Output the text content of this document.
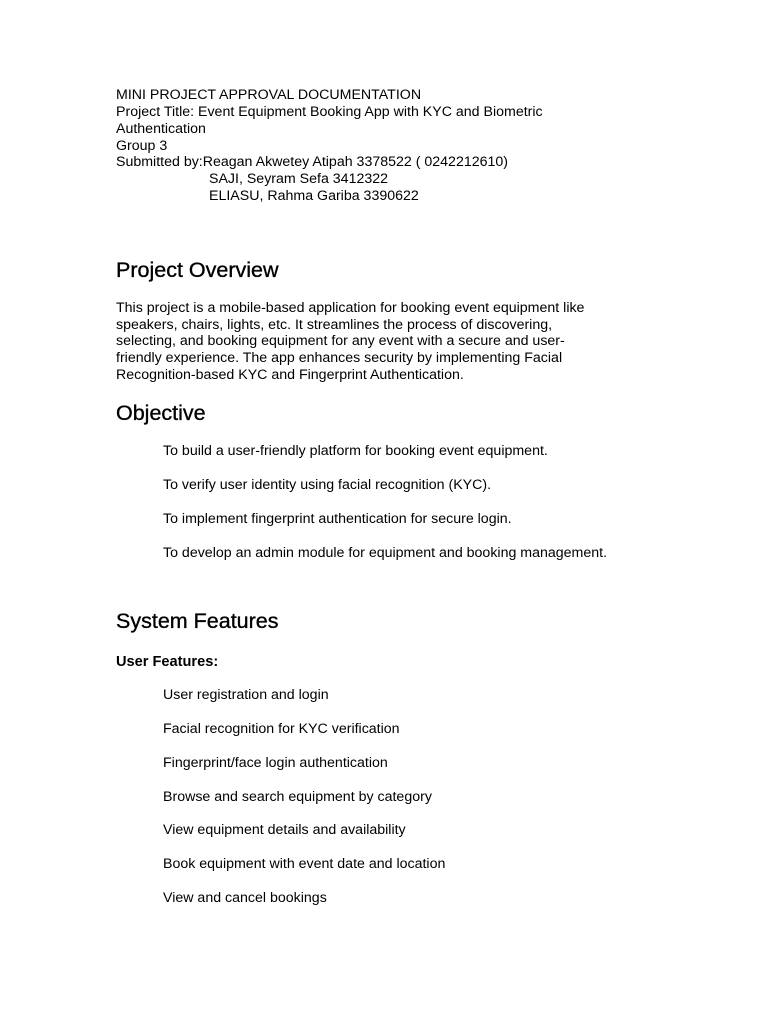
MINI PROJECT APPROVAL DOCUMENTATION
Project Title: Event Equipment Booking App with KYC and Biometric
Authentication
Group 3
Submitted by:Reagan Akwetey Atipah 3378522 ( 0242212610)
SAJI, Seyram Sefa 3412322
ELIASU, Rahma Gariba 3390622
Project Overview
This project is a mobile-based application for booking event equipment like
speakers, chairs, lights, etc. It streamlines the process of discovering,
selecting, and booking equipment for any event with a secure and user-
friendly experience. The app enhances security by implementing Facial
Recognition-based KYC and Fingerprint Authentication.
Objective
To build a user-friendly platform for booking event equipment.
To verify user identity using facial recognition (KYC).
To implement fingerprint authentication for secure login.
To develop an admin module for equipment and booking management.
System Features
User Features:
User registration and login
Facial recognition for KYC verification
Fingerprint/face login authentication
Browse and search equipment by category
View equipment details and availability
Book equipment with event date and location
View and cancel bookings
